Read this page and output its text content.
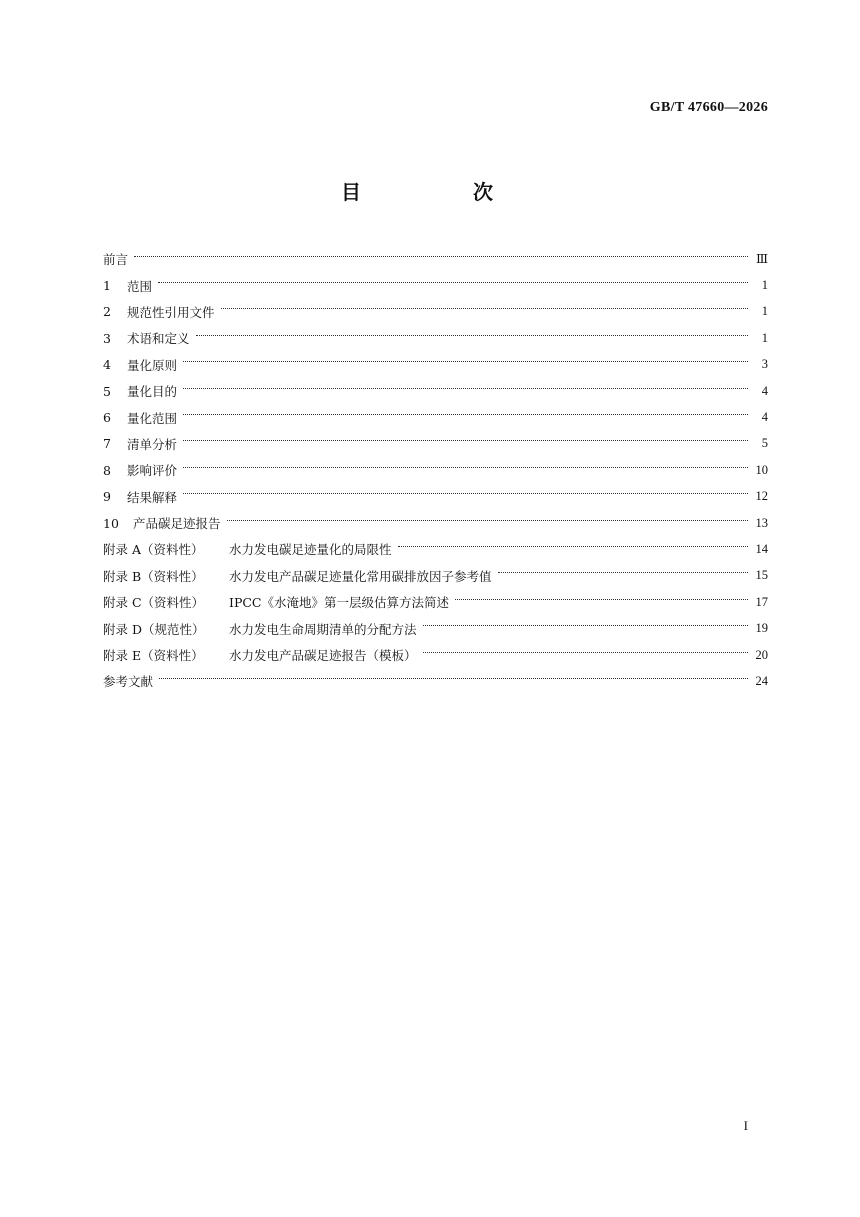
GB/T 47660—2026
目　次
前言	Ⅲ
1	范围	1
2	规范性引用文件	1
3	术语和定义	1
4	量化原则	3
5	量化目的	4
6	量化范围	4
7	清单分析	5
8	影响评价	10
9	结果解释	12
10	产品碳足迹报告	13
附录 A（资料性）	水力发电碳足迹量化的局限性	14
附录 B（资料性）	水力发电产品碳足迹量化常用碳排放因子参考值	15
附录 C（资料性）	IPCC《水淹地》第一层级估算方法简述	17
附录 D（规范性）	水力发电生命周期清单的分配方法	19
附录 E（资料性）	水力发电产品碳足迹报告（模板）	20
参考文献	24
I
